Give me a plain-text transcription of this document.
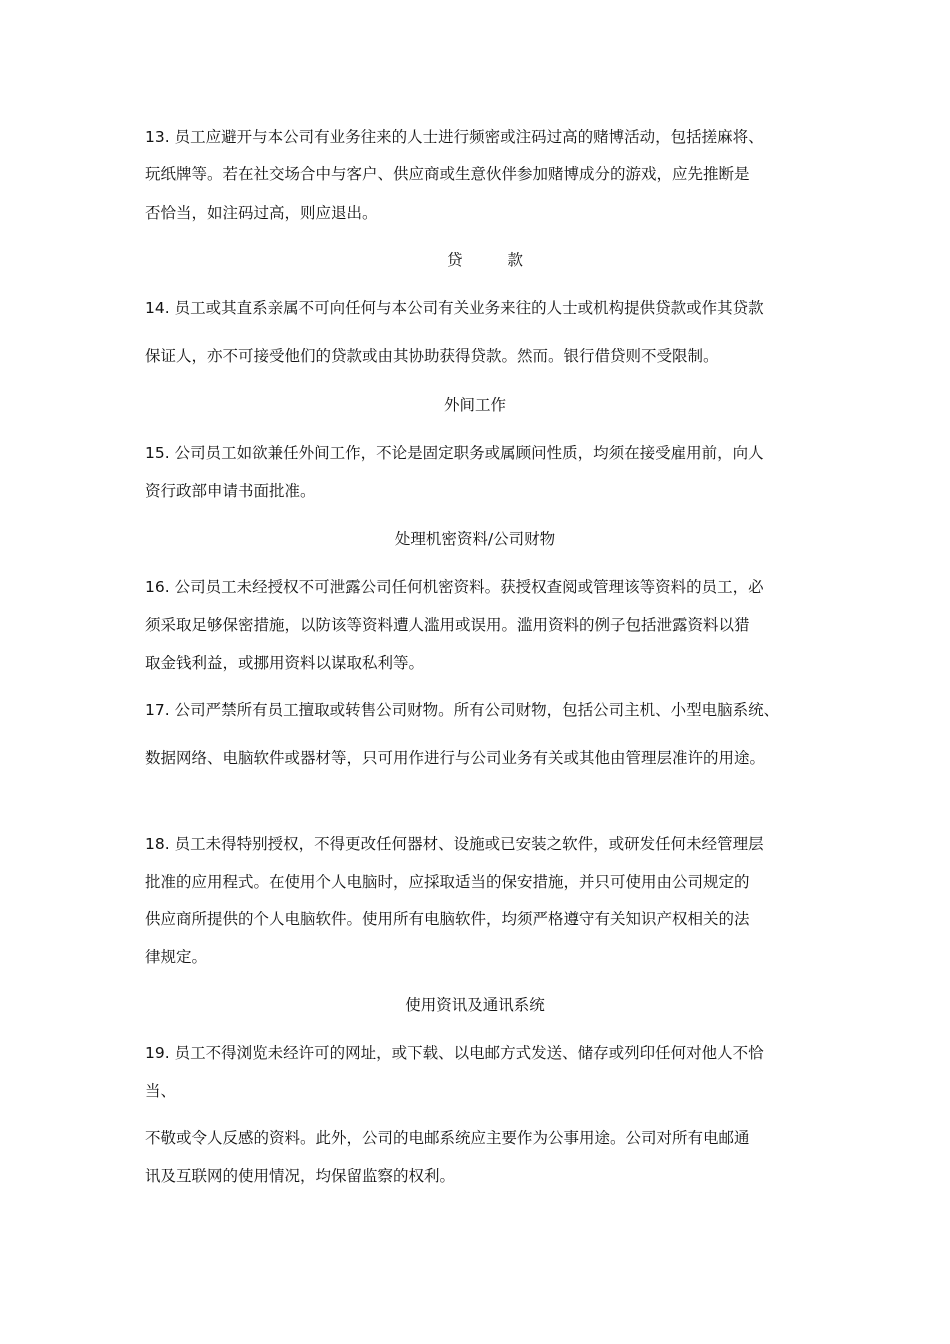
13. 员工应避开与本公司有业务往来的人士进行频密或注码过高的赌博活动，包括搓麻将、

玩纸牌等。若在社交场合中与客户、供应商或生意伙伴参加赌博成分的游戏，应先推断是

否恰当，如注码过高，则应退出。

贷 款

14. 员工或其直系亲属不可向任何与本公司有关业务来往的人士或机构提供贷款或作其贷款

保证人，亦不可接受他们的贷款或由其协助获得贷款。然而。银行借贷则不受限制。

外间工作

15. 公司员工如欲兼任外间工作，不论是固定职务或属顾问性质，均须在接受雇用前，向人

资行政部申请书面批准。

处理机密资料/公司财物

16. 公司员工未经授权不可泄露公司任何机密资料。获授权查阅或管理该等资料的员工，必

须采取足够保密措施，以防该等资料遭人滥用或误用。滥用资料的例子包括泄露资料以猎

取金钱利益，或挪用资料以谋取私利等。

17. 公司严禁所有员工擅取或转售公司财物。所有公司财物，包括公司主机、小型电脑系统、

数据网络、电脑软件或器材等，只可用作进行与公司业务有关或其他由管理层准许的用途。

18. 员工未得特别授权，不得更改任何器材、设施或已安装之软件，或研发任何未经管理层

批准的应用程式。在使用个人电脑时，应採取适当的保安措施，并只可使用由公司规定的

供应商所提供的个人电脑软件。使用所有电脑软件，均须严格遵守有关知识产权相关的法

律规定。

使用资讯及通讯系统

19. 员工不得浏览未经许可的网址，或下载、以电邮方式发送、储存或列印任何对他人不恰

当、

不敬或令人反感的资料。此外，公司的电邮系统应主要作为公事用途。公司对所有电邮通

讯及互联网的使用情况，均保留监察的权利。
